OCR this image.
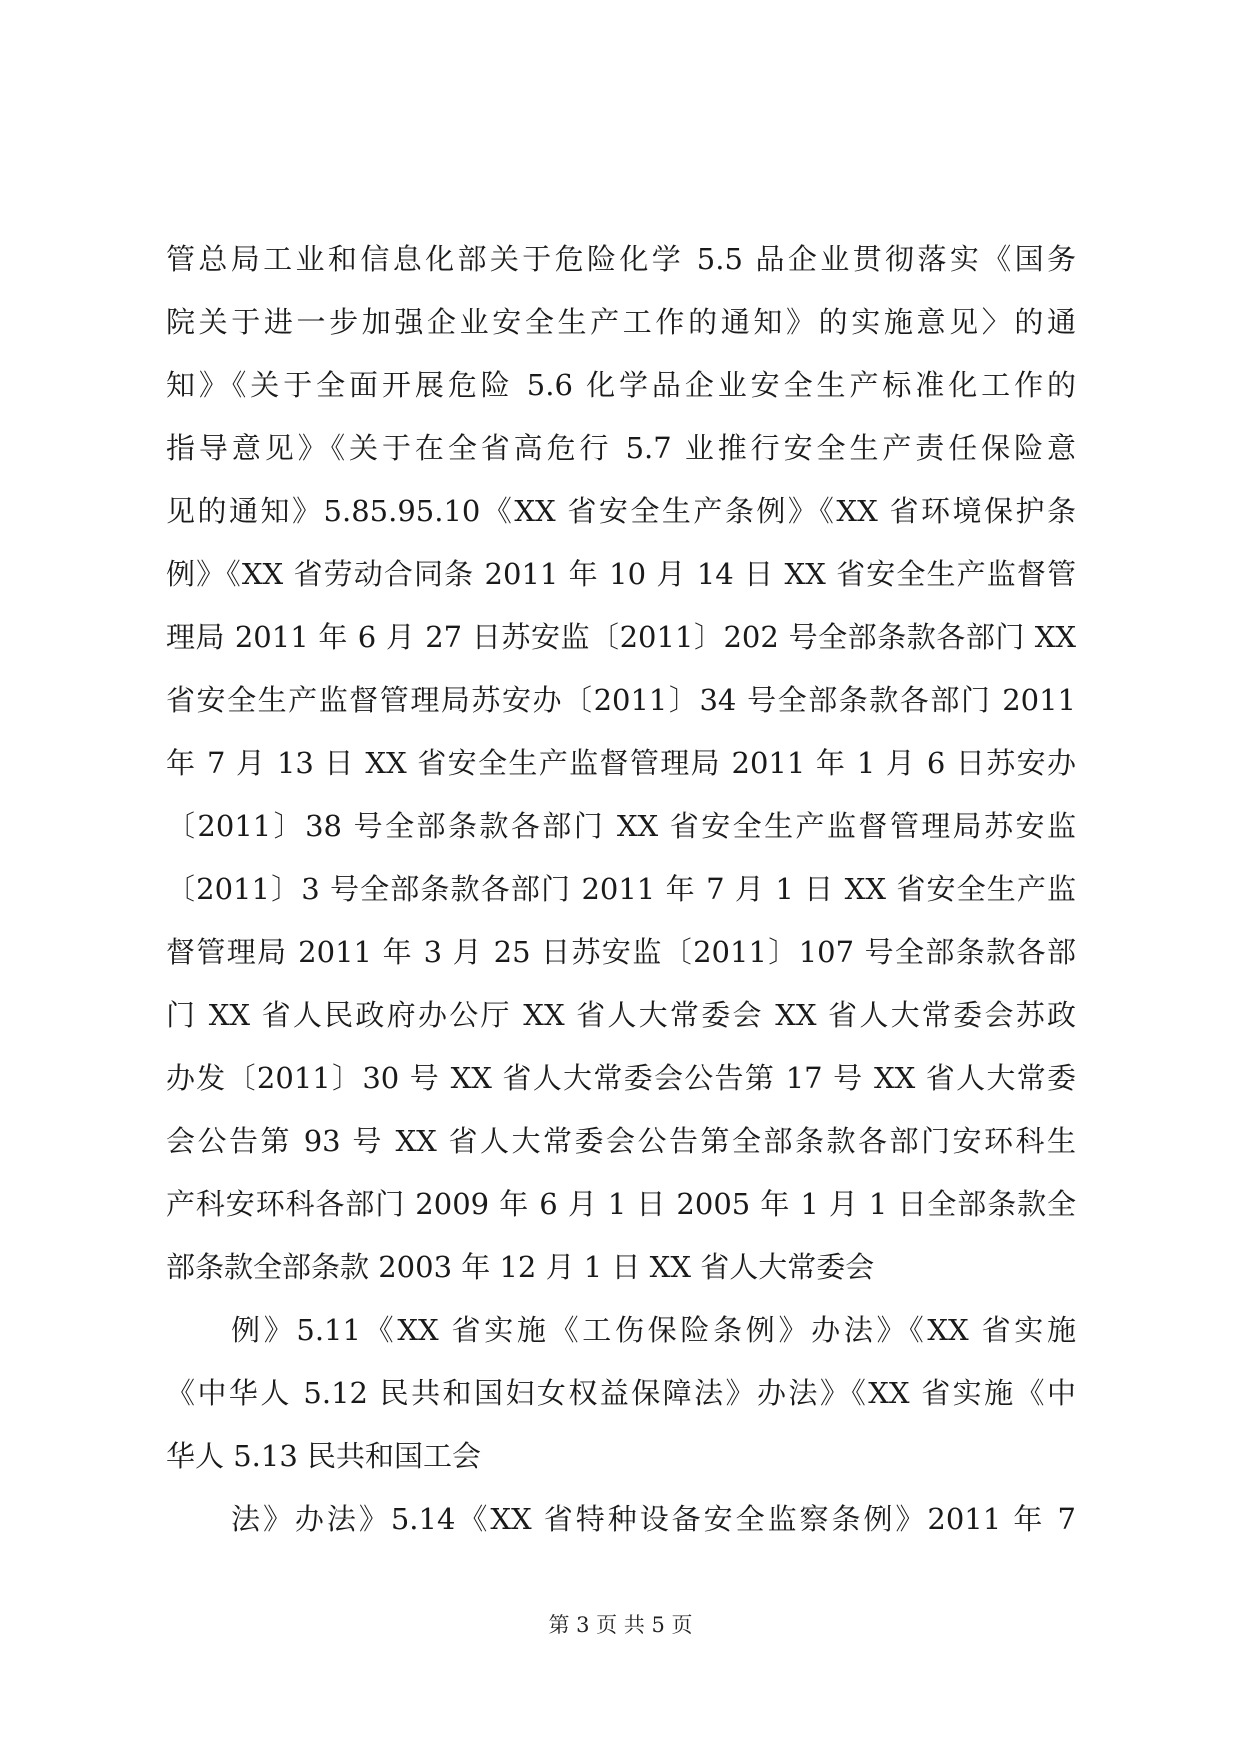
管总局工业和信息化部关于危险化学 5.5 品企业贯彻落实《国务
院关于进一步加强企业安全生产工作的通知》的实施意见〉的通
知》《关于全面开展危险 5.6 化学品企业安全生产标准化工作的
指导意见》《关于在全省高危行 5.7 业推行安全生产责任保险意
见的通知》5.85.95.10《XX 省安全生产条例》《XX 省环境保护条
例》《XX 省劳动合同条 2011 年 10 月 14 日 XX 省安全生产监督管
理局 2011 年 6 月 27 日苏安监〔2011〕202 号全部条款各部门 XX
省安全生产监督管理局苏安办〔2011〕34 号全部条款各部门 2011
年 7 月 13 日 XX 省安全生产监督管理局 2011 年 1 月 6 日苏安办
〔2011〕38 号全部条款各部门 XX 省安全生产监督管理局苏安监
〔2011〕3 号全部条款各部门 2011 年 7 月 1 日 XX 省安全生产监
督管理局 2011 年 3 月 25 日苏安监〔2011〕107 号全部条款各部
门 XX 省人民政府办公厅 XX 省人大常委会 XX 省人大常委会苏政
办发〔2011〕30 号 XX 省人大常委会公告第 17 号 XX 省人大常委
会公告第 93 号 XX 省人大常委会公告第全部条款各部门安环科生
产科安环科各部门 2009 年 6 月 1 日 2005 年 1 月 1 日全部条款全
部条款全部条款 2003 年 12 月 1 日 XX 省人大常委会
例》5.11《XX 省实施《工伤保险条例》办法》《XX 省实施
《中华人 5.12 民共和国妇女权益保障法》办法》《XX 省实施《中
华人 5.13 民共和国工会
法》办法》5.14《XX 省特种设备安全监察条例》2011 年 7
第 3 页 共 5 页
